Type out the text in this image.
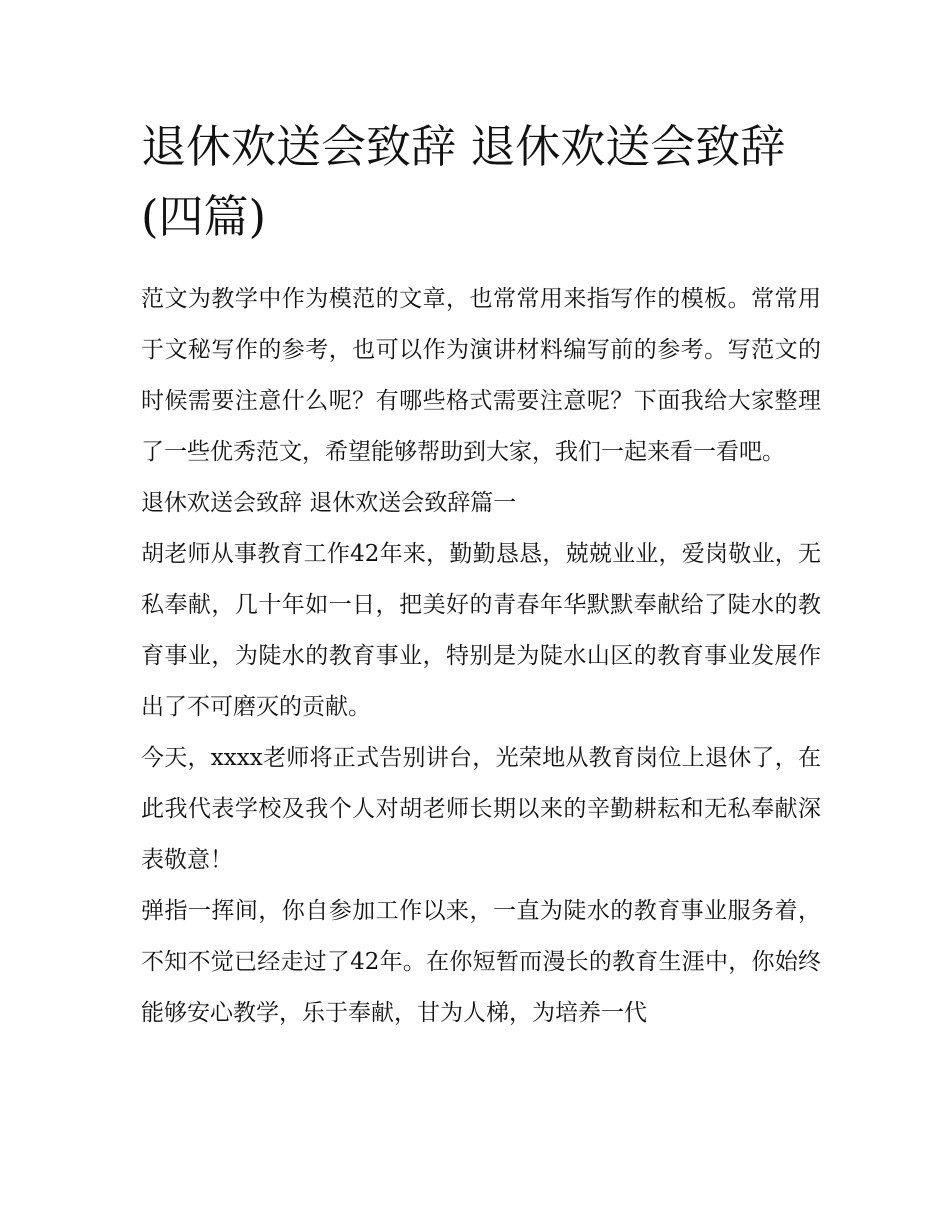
退休欢送会致辞 退休欢送会致辞(四篇)

范文为教学中作为模范的文章，也常常用来指写作的模板。常常用于文秘写作的参考，也可以作为演讲材料编写前的参考。写范文的时候需要注意什么呢？有哪些格式需要注意呢？下面我给大家整理了一些优秀范文，希望能够帮助到大家，我们一起来看一看吧。

退休欢送会致辞 退休欢送会致辞篇一

胡老师从事教育工作42年来，勤勤恳恳，兢兢业业，爱岗敬业，无私奉献，几十年如一日，把美好的青春年华默默奉献给了陡水的教育事业，为陡水的教育事业，特别是为陡水山区的教育事业发展作出了不可磨灭的贡献。

今天，xxxx老师将正式告别讲台，光荣地从教育岗位上退休了，在此我代表学校及我个人对胡老师长期以来的辛勤耕耘和无私奉献深表敬意！

弹指一挥间，你自参加工作以来，一直为陡水的教育事业服务着，不知不觉已经走过了42年。在你短暂而漫长的教育生涯中，你始终能够安心教学，乐于奉献，甘为人梯，为培养一代
